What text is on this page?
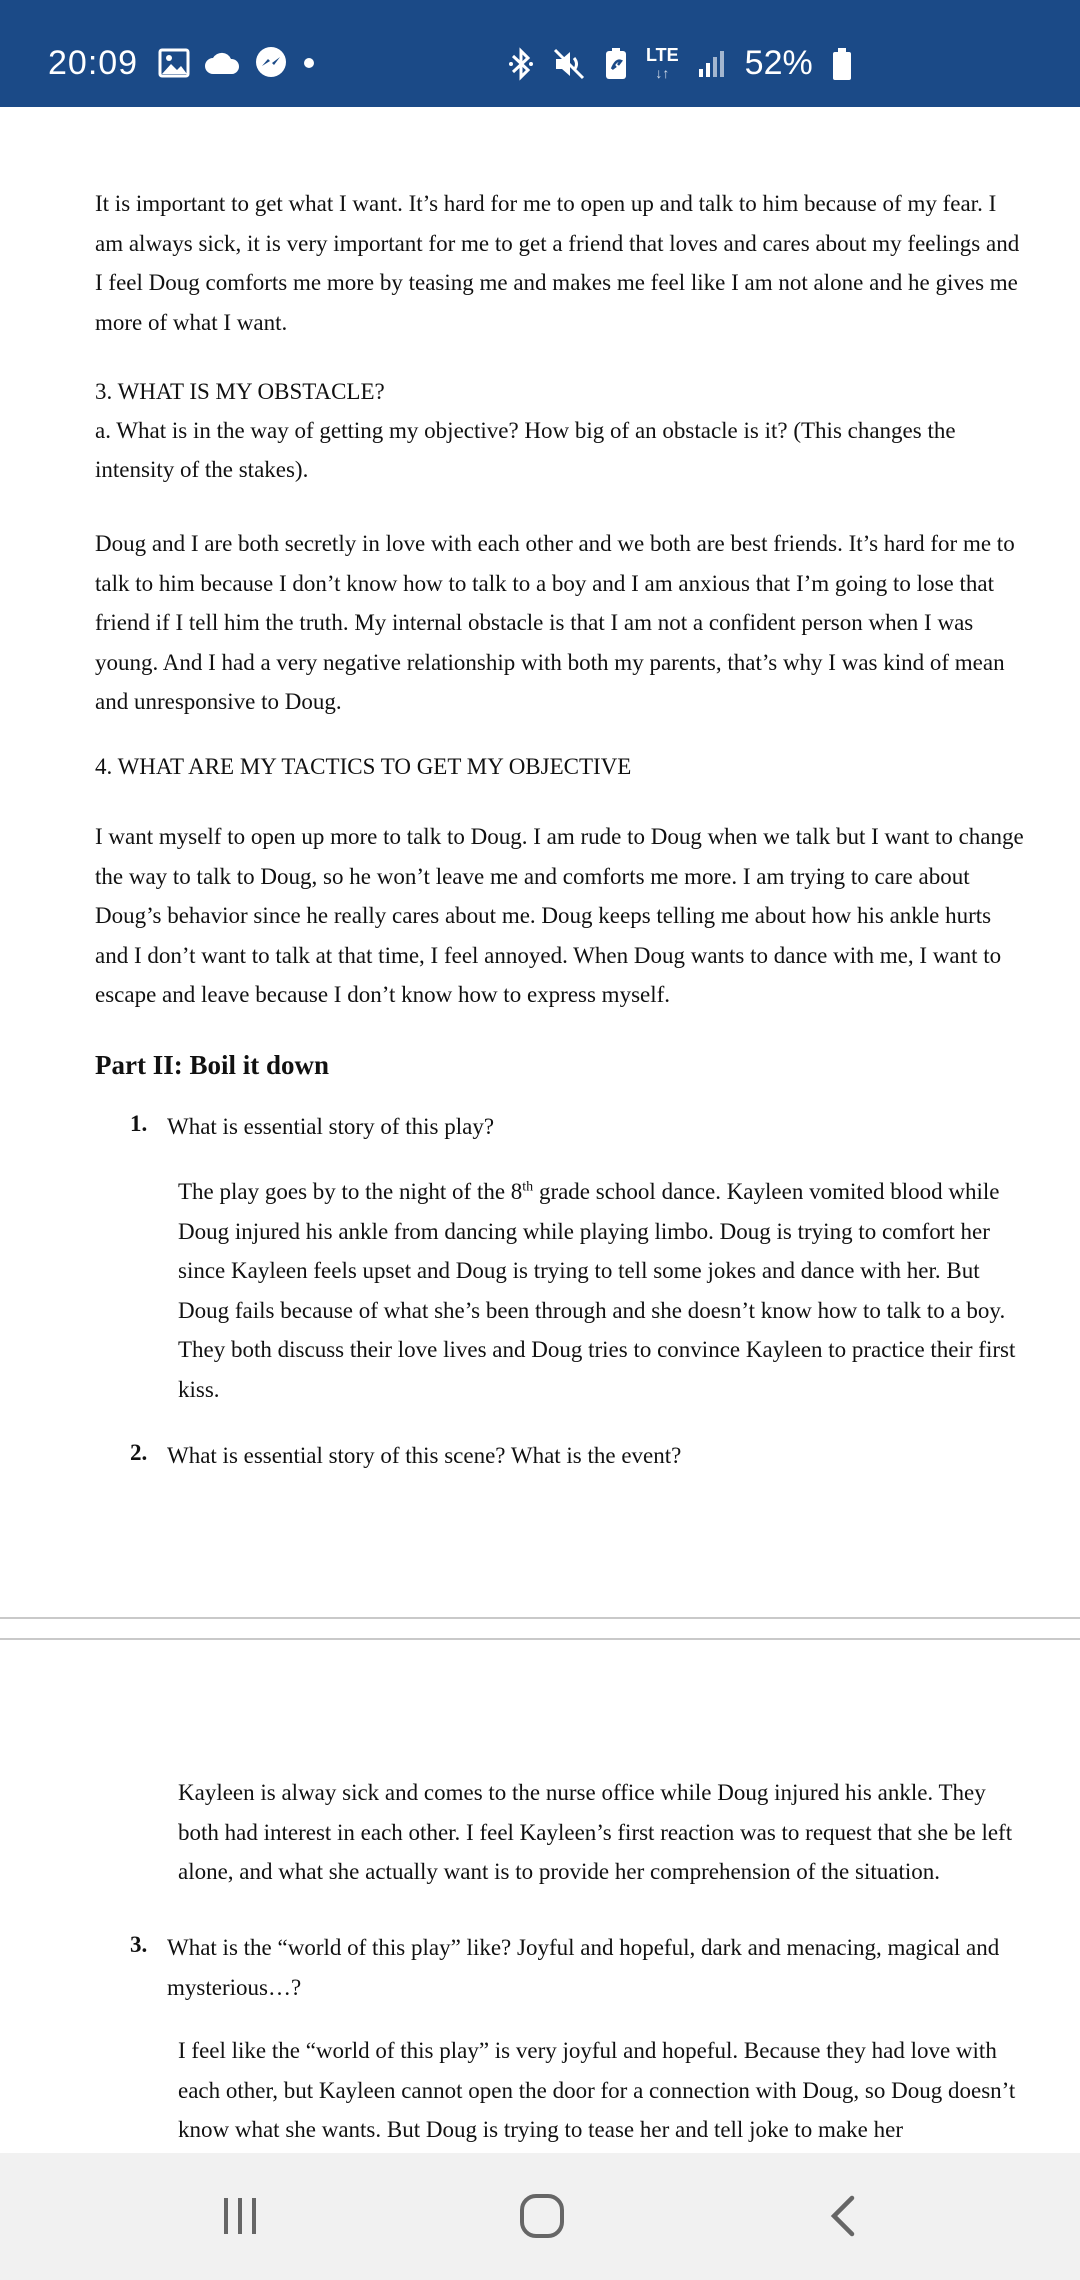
20:09	LTE
↓↑ 52%

It is important to get what I want. It’s hard for me to open up and talk to him because of my fear. I am always sick, it is very important for me to get a friend that loves and cares about my feelings and I feel Doug comforts me more by teasing me and makes me feel like I am not alone and he gives me more of what I want.

3. WHAT IS MY OBSTACLE?
a. What is in the way of getting my objective? How big of an obstacle is it? (This changes the intensity of the stakes).

Doug and I are both secretly in love with each other and we both are best friends. It’s hard for me to talk to him because I don’t know how to talk to a boy and I am anxious that I’m going to lose that friend if I tell him the truth. My internal obstacle is that I am not a confident person when I was young. And I had a very negative relationship with both my parents, that’s why I was kind of mean and unresponsive to Doug.

4. WHAT ARE MY TACTICS TO GET MY OBJECTIVE

I want myself to open up more to talk to Doug. I am rude to Doug when we talk but I want to change the way to talk to Doug, so he won’t leave me and comforts me more. I am trying to care about Doug’s behavior since he really cares about me. Doug keeps telling me about how his ankle hurts and I don’t want to talk at that time, I feel annoyed. When Doug wants to dance with me, I want to escape and leave because I don’t know how to express myself.

Part II: Boil it down
1. What is essential story of this play?

The play goes by to the night of the 8th grade school dance. Kayleen vomited blood while Doug injured his ankle from dancing while playing limbo. Doug is trying to comfort her since Kayleen feels upset and Doug is trying to tell some jokes and dance with her. But Doug fails because of what she’s been through and she doesn’t know how to talk to a boy. They both discuss their love lives and Doug tries to convince Kayleen to practice their first kiss.

2. What is essential story of this scene? What is the event?

Kayleen is alway sick and comes to the nurse office while Doug injured his ankle. They both had interest in each other. I feel Kayleen’s first reaction was to request that she be left alone, and what she actually want is to provide her comprehension of the situation.

3. What is the “world of this play” like? Joyful and hopeful, dark and menacing, magical and mysterious…?

I feel like the “world of this play” is very joyful and hopeful. Because they had love with each other, but Kayleen cannot open the door for a connection with Doug, so Doug doesn’t know what she wants. But Doug is trying to tease her and tell joke to make her
